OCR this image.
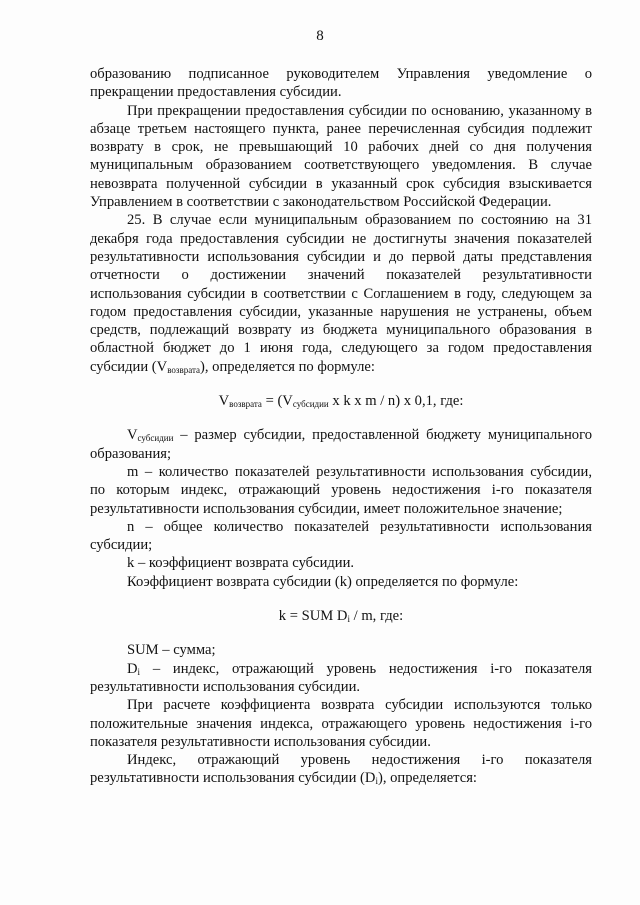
8

образованию подписанное руководителем Управления уведомление о прекращении предоставления субсидии.

При прекращении предоставления субсидии по основанию, указанному в абзаце третьем настоящего пункта, ранее перечисленная субсидия подлежит возврату в срок, не превышающий 10 рабочих дней со дня получения муниципальным образованием соответствующего уведомления. В случае невозврата полученной субсидии в указанный срок субсидия взыскивается Управлением в соответствии с законодательством Российской Федерации.

25. В случае если муниципальным образованием по состоянию на 31 декабря года предоставления субсидии не достигнуты значения показателей результативности использования субсидии и до первой даты представления отчетности о достижении значений показателей результативности использования субсидии в соответствии с Соглашением в году, следующем за годом предоставления субсидии, указанные нарушения не устранены, объем средств, подлежащий возврату из бюджета муниципального образования в областной бюджет до 1 июня года, следующего за годом предоставления субсидии $(V_{возврата})$, определяется по формуле:

$V_{возврата} = (V_{субсидии}$ x k x m / n) x 0,1, где:

$V_{субсидии}$ – размер субсидии, предоставленной бюджету муниципального образования;

m – количество показателей результативности использования субсидии, по которым индекс, отражающий уровень недостижения i-го показателя результативности использования субсидии, имеет положительное значение;

n – общее количество показателей результативности использования субсидии;

k – коэффициент возврата субсидии.

Коэффициент возврата субсидии (k) определяется по формуле:

k = SUM $D_i$ / m, где:

SUM – сумма;

$D_i$ – индекс, отражающий уровень недостижения i-го показателя результативности использования субсидии.

При расчете коэффициента возврата субсидии используются только положительные значения индекса, отражающего уровень недостижения i-го показателя результативности использования субсидии.

Индекс, отражающий уровень недостижения i-го показателя результативности использования субсидии $(D_i)$, определяется:
